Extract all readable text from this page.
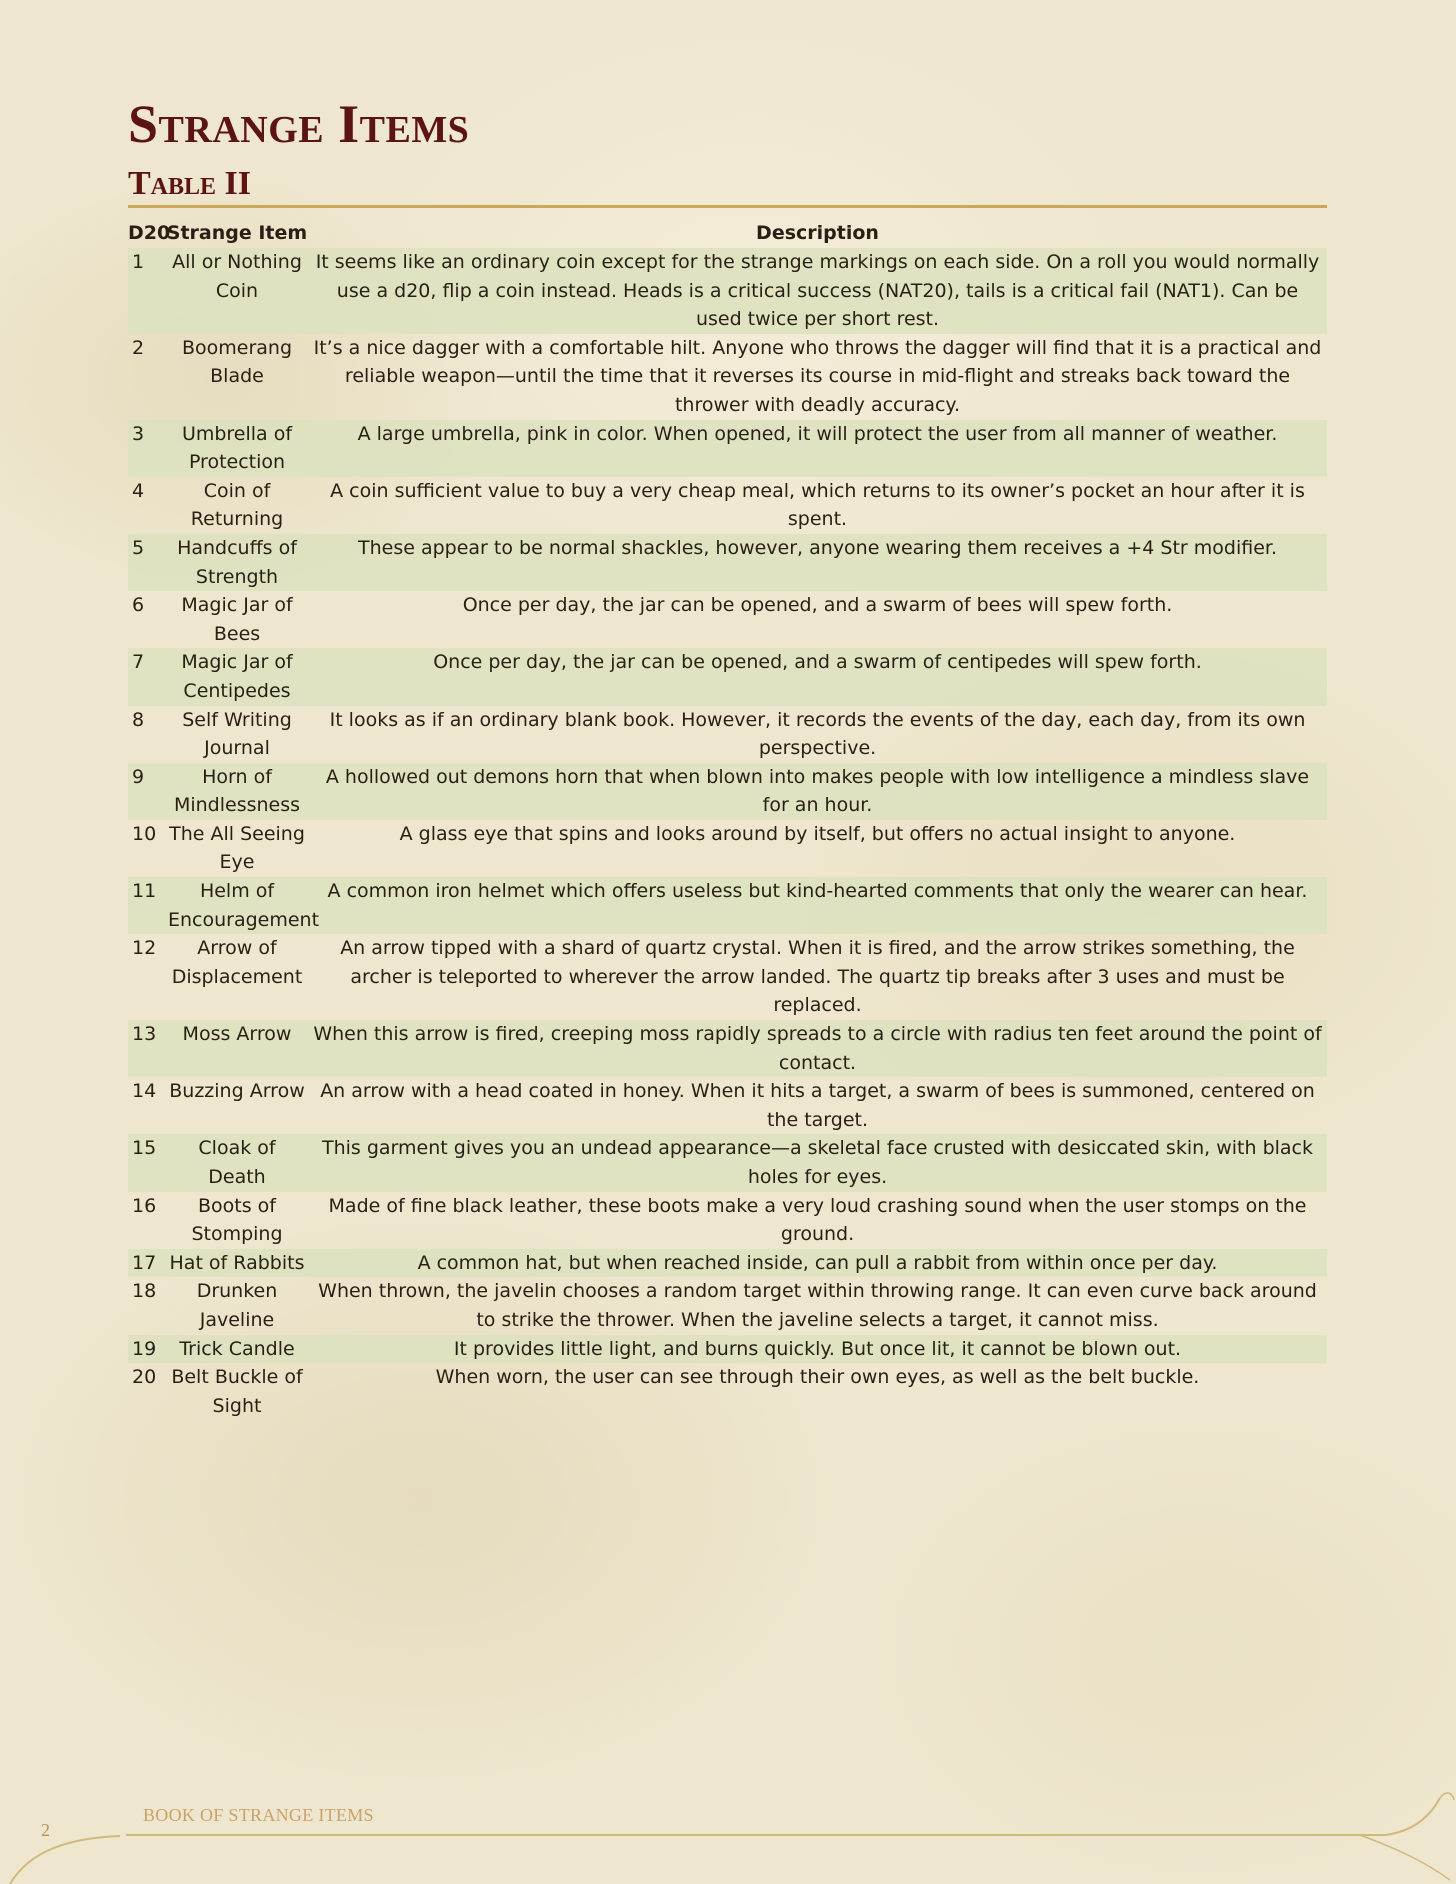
Strange Items
Table II
D20	Strange Item	Description
1	All or Nothing Coin	It seems like an ordinary coin except for the strange markings on each side. On a roll you would normally use a d20, flip a coin instead. Heads is a critical success (NAT20), tails is a critical fail (NAT1). Can be used twice per short rest.
2	Boomerang Blade	It’s a nice dagger with a comfortable hilt. Anyone who throws the dagger will find that it is a practical and reliable weapon—until the time that it reverses its course in mid-flight and streaks back toward the thrower with deadly accuracy.
3	Umbrella of Protection	A large umbrella, pink in color. When opened, it will protect the user from all manner of weather.
4	Coin of Returning	A coin sufficient value to buy a very cheap meal, which returns to its owner’s pocket an hour after it is spent.
5	Handcuffs of Strength	These appear to be normal shackles, however, anyone wearing them receives a +4 Str modifier.
6	Magic Jar of Bees	Once per day, the jar can be opened, and a swarm of bees will spew forth.
7	Magic Jar of Centipedes	Once per day, the jar can be opened, and a swarm of centipedes will spew forth.
8	Self Writing Journal	It looks as if an ordinary blank book. However, it records the events of the day, each day, from its own perspective.
9	Horn of Mindlessness	A hollowed out demons horn that when blown into makes people with low intelligence a mindless slave for an hour.
10	The All Seeing Eye	A glass eye that spins and looks around by itself, but offers no actual insight to anyone.
11	Helm of Encouragement	A common iron helmet which offers useless but kind-hearted comments that only the wearer can hear.
12	Arrow of Displacement	An arrow tipped with a shard of quartz crystal. When it is fired, and the arrow strikes something, the archer is teleported to wherever the arrow landed. The quartz tip breaks after 3 uses and must be replaced.
13	Moss Arrow	When this arrow is fired, creeping moss rapidly spreads to a circle with radius ten feet around the point of contact.
14	Buzzing Arrow	An arrow with a head coated in honey. When it hits a target, a swarm of bees is summoned, centered on the target.
15	Cloak of Death	This garment gives you an undead appearance—a skeletal face crusted with desiccated skin, with black holes for eyes.
16	Boots of Stomping	Made of fine black leather, these boots make a very loud crashing sound when the user stomps on the ground.
17	Hat of Rabbits	A common hat, but when reached inside, can pull a rabbit from within once per day.
18	Drunken Javeline	When thrown, the javelin chooses a random target within throwing range. It can even curve back around to strike the thrower. When the javeline selects a target, it cannot miss.
19	Trick Candle	It provides little light, and burns quickly. But once lit, it cannot be blown out.
20	Belt Buckle of Sight	When worn, the user can see through their own eyes, as well as the belt buckle.
BOOK OF STRANGE ITEMS
2
